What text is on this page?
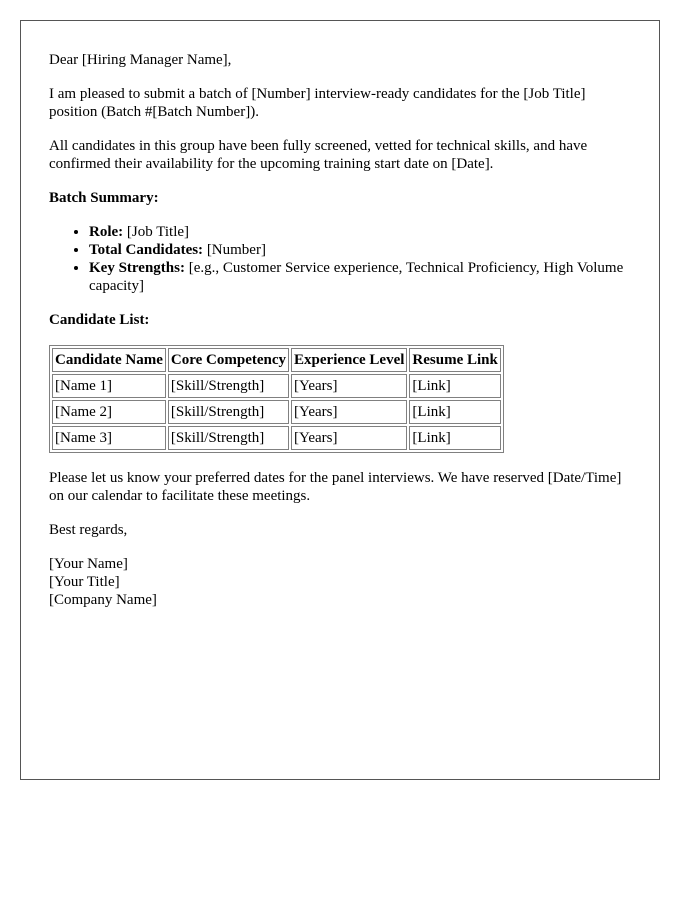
Dear [Hiring Manager Name],

I am pleased to submit a batch of [Number] interview-ready candidates for the [Job Title] position (Batch #[Batch Number]).

All candidates in this group have been fully screened, vetted for technical skills, and have confirmed their availability for the upcoming training start date on [Date].

Batch Summary:

• Role: [Job Title]
• Total Candidates: [Number]
• Key Strengths: [e.g., Customer Service experience, Technical Proficiency, High Volume capacity]

Candidate List:

Candidate Name	Core Competency	Experience Level	Resume Link
[Name 1]	[Skill/Strength]	[Years]	[Link]
[Name 2]	[Skill/Strength]	[Years]	[Link]
[Name 3]	[Skill/Strength]	[Years]	[Link]

Please let us know your preferred dates for the panel interviews. We have reserved [Date/Time] on our calendar to facilitate these meetings.

Best regards,

[Your Name]

[Your Title]

[Company Name]
